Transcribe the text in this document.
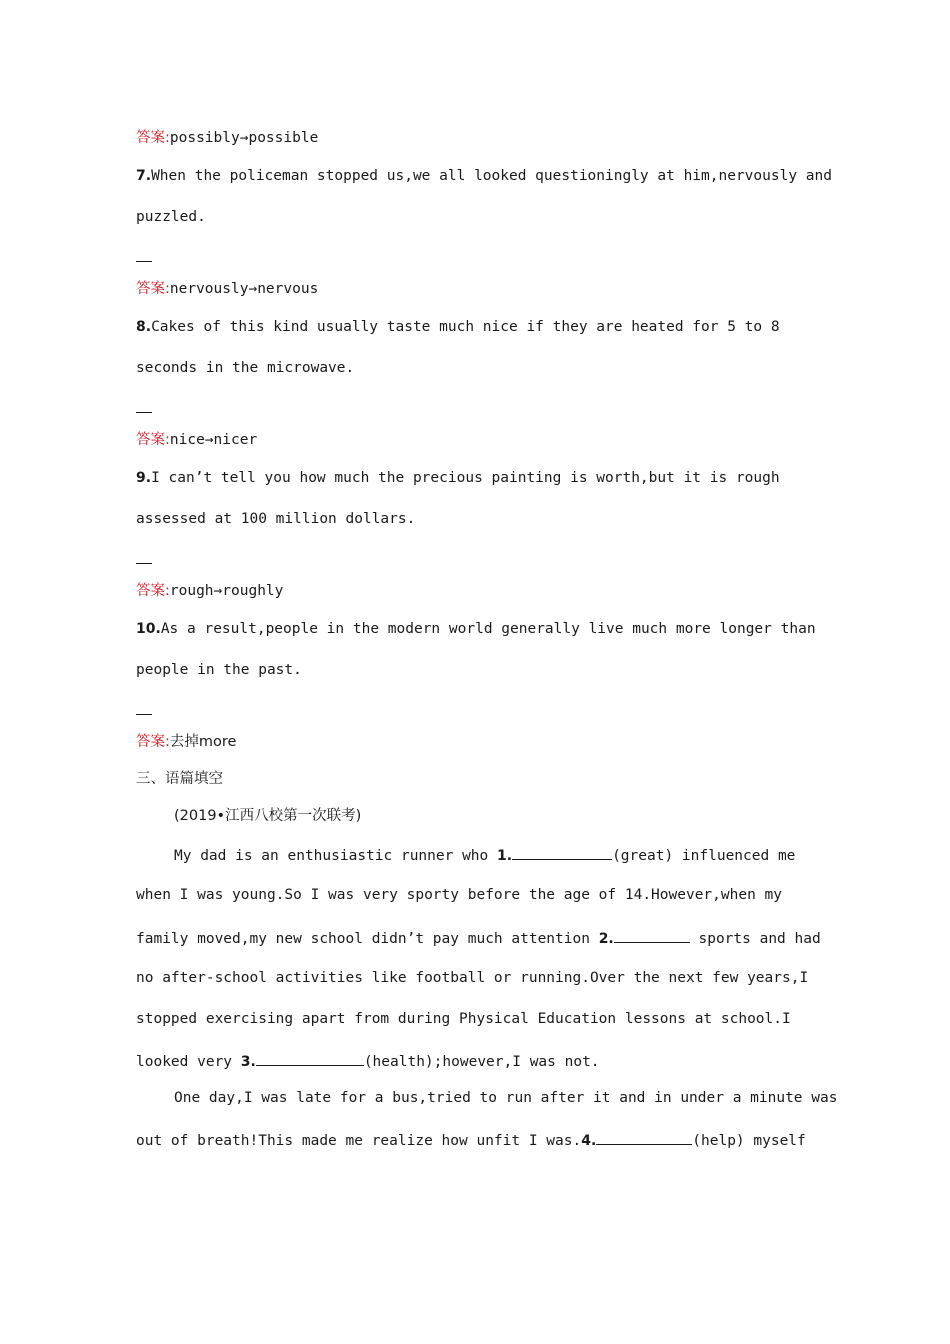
答案:possibly→possible
7.When the policeman stopped us,we all looked questioningly at him,nervously and
puzzled.
答案:nervously→nervous
8.Cakes of this kind usually taste much nice if they are heated for 5 to 8
seconds in the microwave.
答案:nice→nicer
9.I can’t tell you how much the precious painting is worth,but it is rough
assessed at 100 million dollars.
答案:rough→roughly
10.As a result,people in the modern world generally live much more longer than
people in the past.
答案:去掉more
三、语篇填空
(2019•江西八校第一次联考)
My dad is an enthusiastic runner who 1.	(great) influenced me
when I was young.So I was very sporty before the age of 14.However,when my
family moved,my new school didn’t pay much attention 2.	sports and had
no after-school activities like football or running.Over the next few years,I
stopped exercising apart from during Physical Education lessons at school.I
looked very 3.	(health);however,I was not.
One day,I was late for a bus,tried to run after it and in under a minute was
out of breath!This made me realize how unfit I was.4.	(help) myself
